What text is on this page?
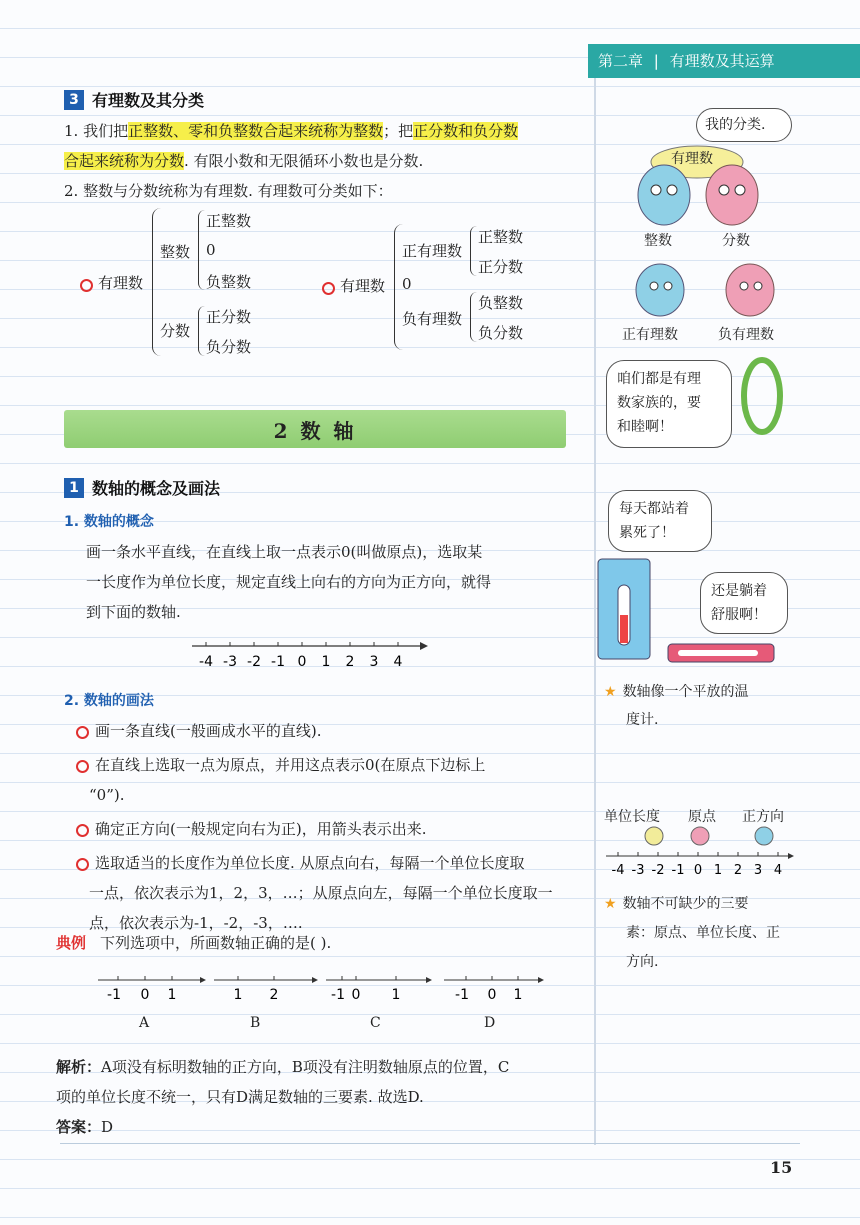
第二章 | 有理数及其运算
3 有理数及其分类
1. 我们把正整数、零和负整数合起来统称为整数；把正分数和负分数
合起来统称为分数. 有限小数和无限循环小数也是分数.
2. 整数与分数统称为有理数. 有理数可分类如下：
有理数
整数
正整数
0
负整数
分数
正分数
负分数
有理数
正有理数
正整数
正分数
0
负有理数
负整数
负分数
2 数 轴
1 数轴的概念及画法
1. 数轴的概念
画一条水平直线，在直线上取一点表示0(叫做原点)，选取某
一长度作为单位长度，规定直线上向右的方向为正方向，就得
到下面的数轴.
-4 -3 -2 -1 0 1 2 3 4
2. 数轴的画法
画一条直线(一般画成水平的直线).
在直线上选取一点为原点，并用这点表示0(在原点下边标上
“0”).
确定正方向(一般规定向右为正)，用箭头表示出来.
选取适当的长度作为单位长度. 从原点向右，每隔一个单位长度取
一点，依次表示为1，2，3，…；从原点向左，每隔一个单位长度取一
点，依次表示为-1，-2，-3，….
典例 下列选项中，所画数轴正确的是( ).
-1 0 1	1 2	-1 0 1	-1 0 1
A	B	C	D
解析：A项没有标明数轴的正方向，B项没有注明数轴原点的位置，C
项的单位长度不统一，只有D满足数轴的三要素. 故选D.
答案：D
我的分类.
有理数
整数	分数
正有理数	负有理数
咱们都是有理
数家族的，要
和睦啊！
每天都站着
累死了！
还是躺着
舒服啊！
★ 数轴像一个平放的温
度计.
单位长度 原点 正方向
-4 -3 -2 -1 0 1 2 3 4
★ 数轴不可缺少的三要
素：原点、单位长度、正
方向.
15
